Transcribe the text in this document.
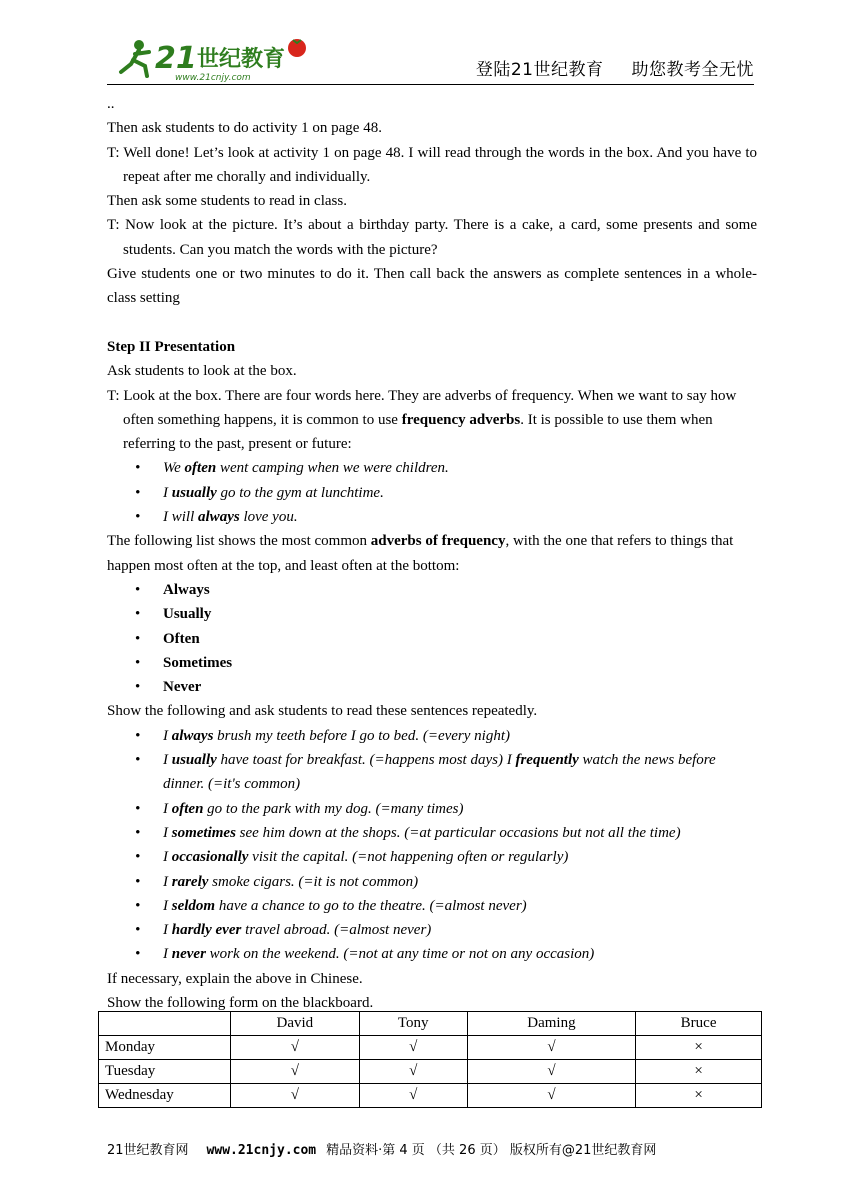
21 世纪教育
www.21cnjy.com	登陆21世纪教育 助您教考全无忧

..

Then ask students to do activity 1 on page 48.

T: Well done! Let’s look at activity 1 on page 48. I will read through the words in the box. And you have to repeat after me chorally and individually.

Then ask some students to read in class.

T: Now look at the picture. It’s about a birthday party. There is a cake, a card, some presents and some students. Can you match the words with the picture?

Give students one or two minutes to do it. Then call back the answers as complete sentences in a whole- class setting

Step II Presentation

Ask students to look at the box.

T: Look at the box. There are four words here. They are adverbs of frequency. When we want to say how often something happens, it is common to use frequency adverbs. It is possible to use them when referring to the past, present or future:

• We often went camping when we were children.
• I usually go to the gym at lunchtime.
• I will always love you.

The following list shows the most common adverbs of frequency, with the one that refers to things that happen most often at the top, and least often at the bottom:

• Always
• Usually
• Often
• Sometimes
• Never

Show the following and ask students to read these sentences repeatedly.

• I always brush my teeth before I go to bed. (=every night)
• I usually have toast for breakfast. (=happens most days) I frequently watch the news before dinner. (=it's common)
• I often go to the park with my dog. (=many times)
• I sometimes see him down at the shops. (=at particular occasions but not all the time)
• I occasionally visit the capital. (=not happening often or regularly)
• I rarely smoke cigars. (=it is not common)
• I seldom have a chance to go to the theatre. (=almost never)
• I hardly ever travel abroad. (=almost never)
• I never work on the weekend. (=not at any time or not on any occasion)

If necessary, explain the above in Chinese.

Show the following form on the blackboard.

	David	Tony	Daming	Bruce
Monday	√	√	√	×
Tuesday	√	√	√	×
Wednesday	√	√	√	×
21世纪教育网 www.21cnjy.com 精品资料·第 4 页 （共 26 页） 版权所有@21世纪教育网
